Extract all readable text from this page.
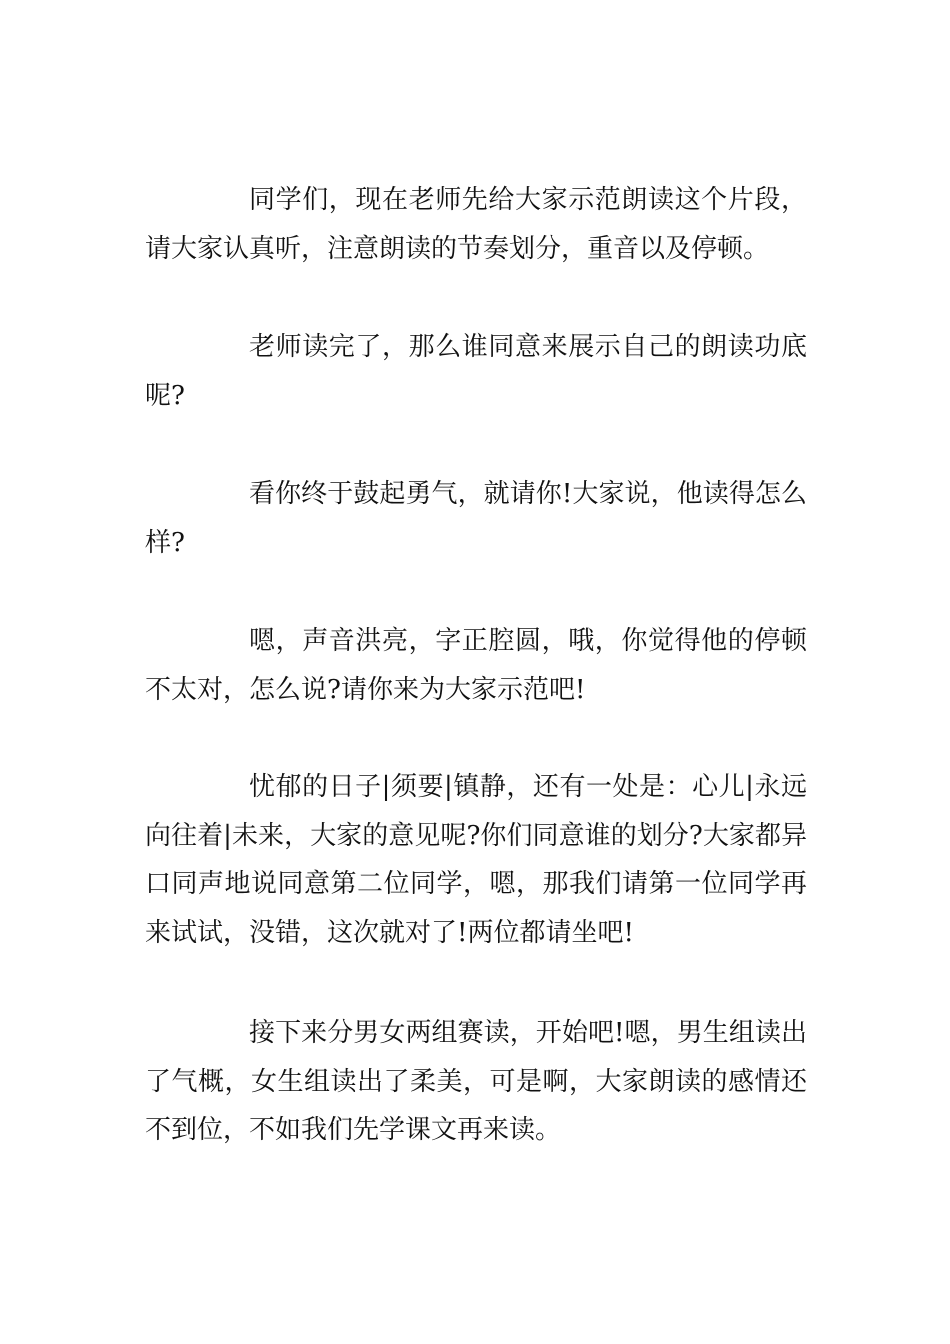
同学们，现在老师先给大家示范朗读这个片段，请大家认真听，注意朗读的节奏划分，重音以及停顿。

老师读完了，那么谁同意来展示自己的朗读功底呢?

看你终于鼓起勇气，就请你!大家说，他读得怎么样?

嗯，声音洪亮，字正腔圆，哦，你觉得他的停顿不太对，怎么说?请你来为大家示范吧!

忧郁的日子|须要|镇静，还有一处是：心儿|永远向往着|未来，大家的意见呢?你们同意谁的划分?大家都异口同声地说同意第二位同学，嗯，那我们请第一位同学再来试试，没错，这次就对了!两位都请坐吧!

接下来分男女两组赛读，开始吧!嗯，男生组读出了气概，女生组读出了柔美，可是啊，大家朗读的感情还不到位，不如我们先学课文再来读。
